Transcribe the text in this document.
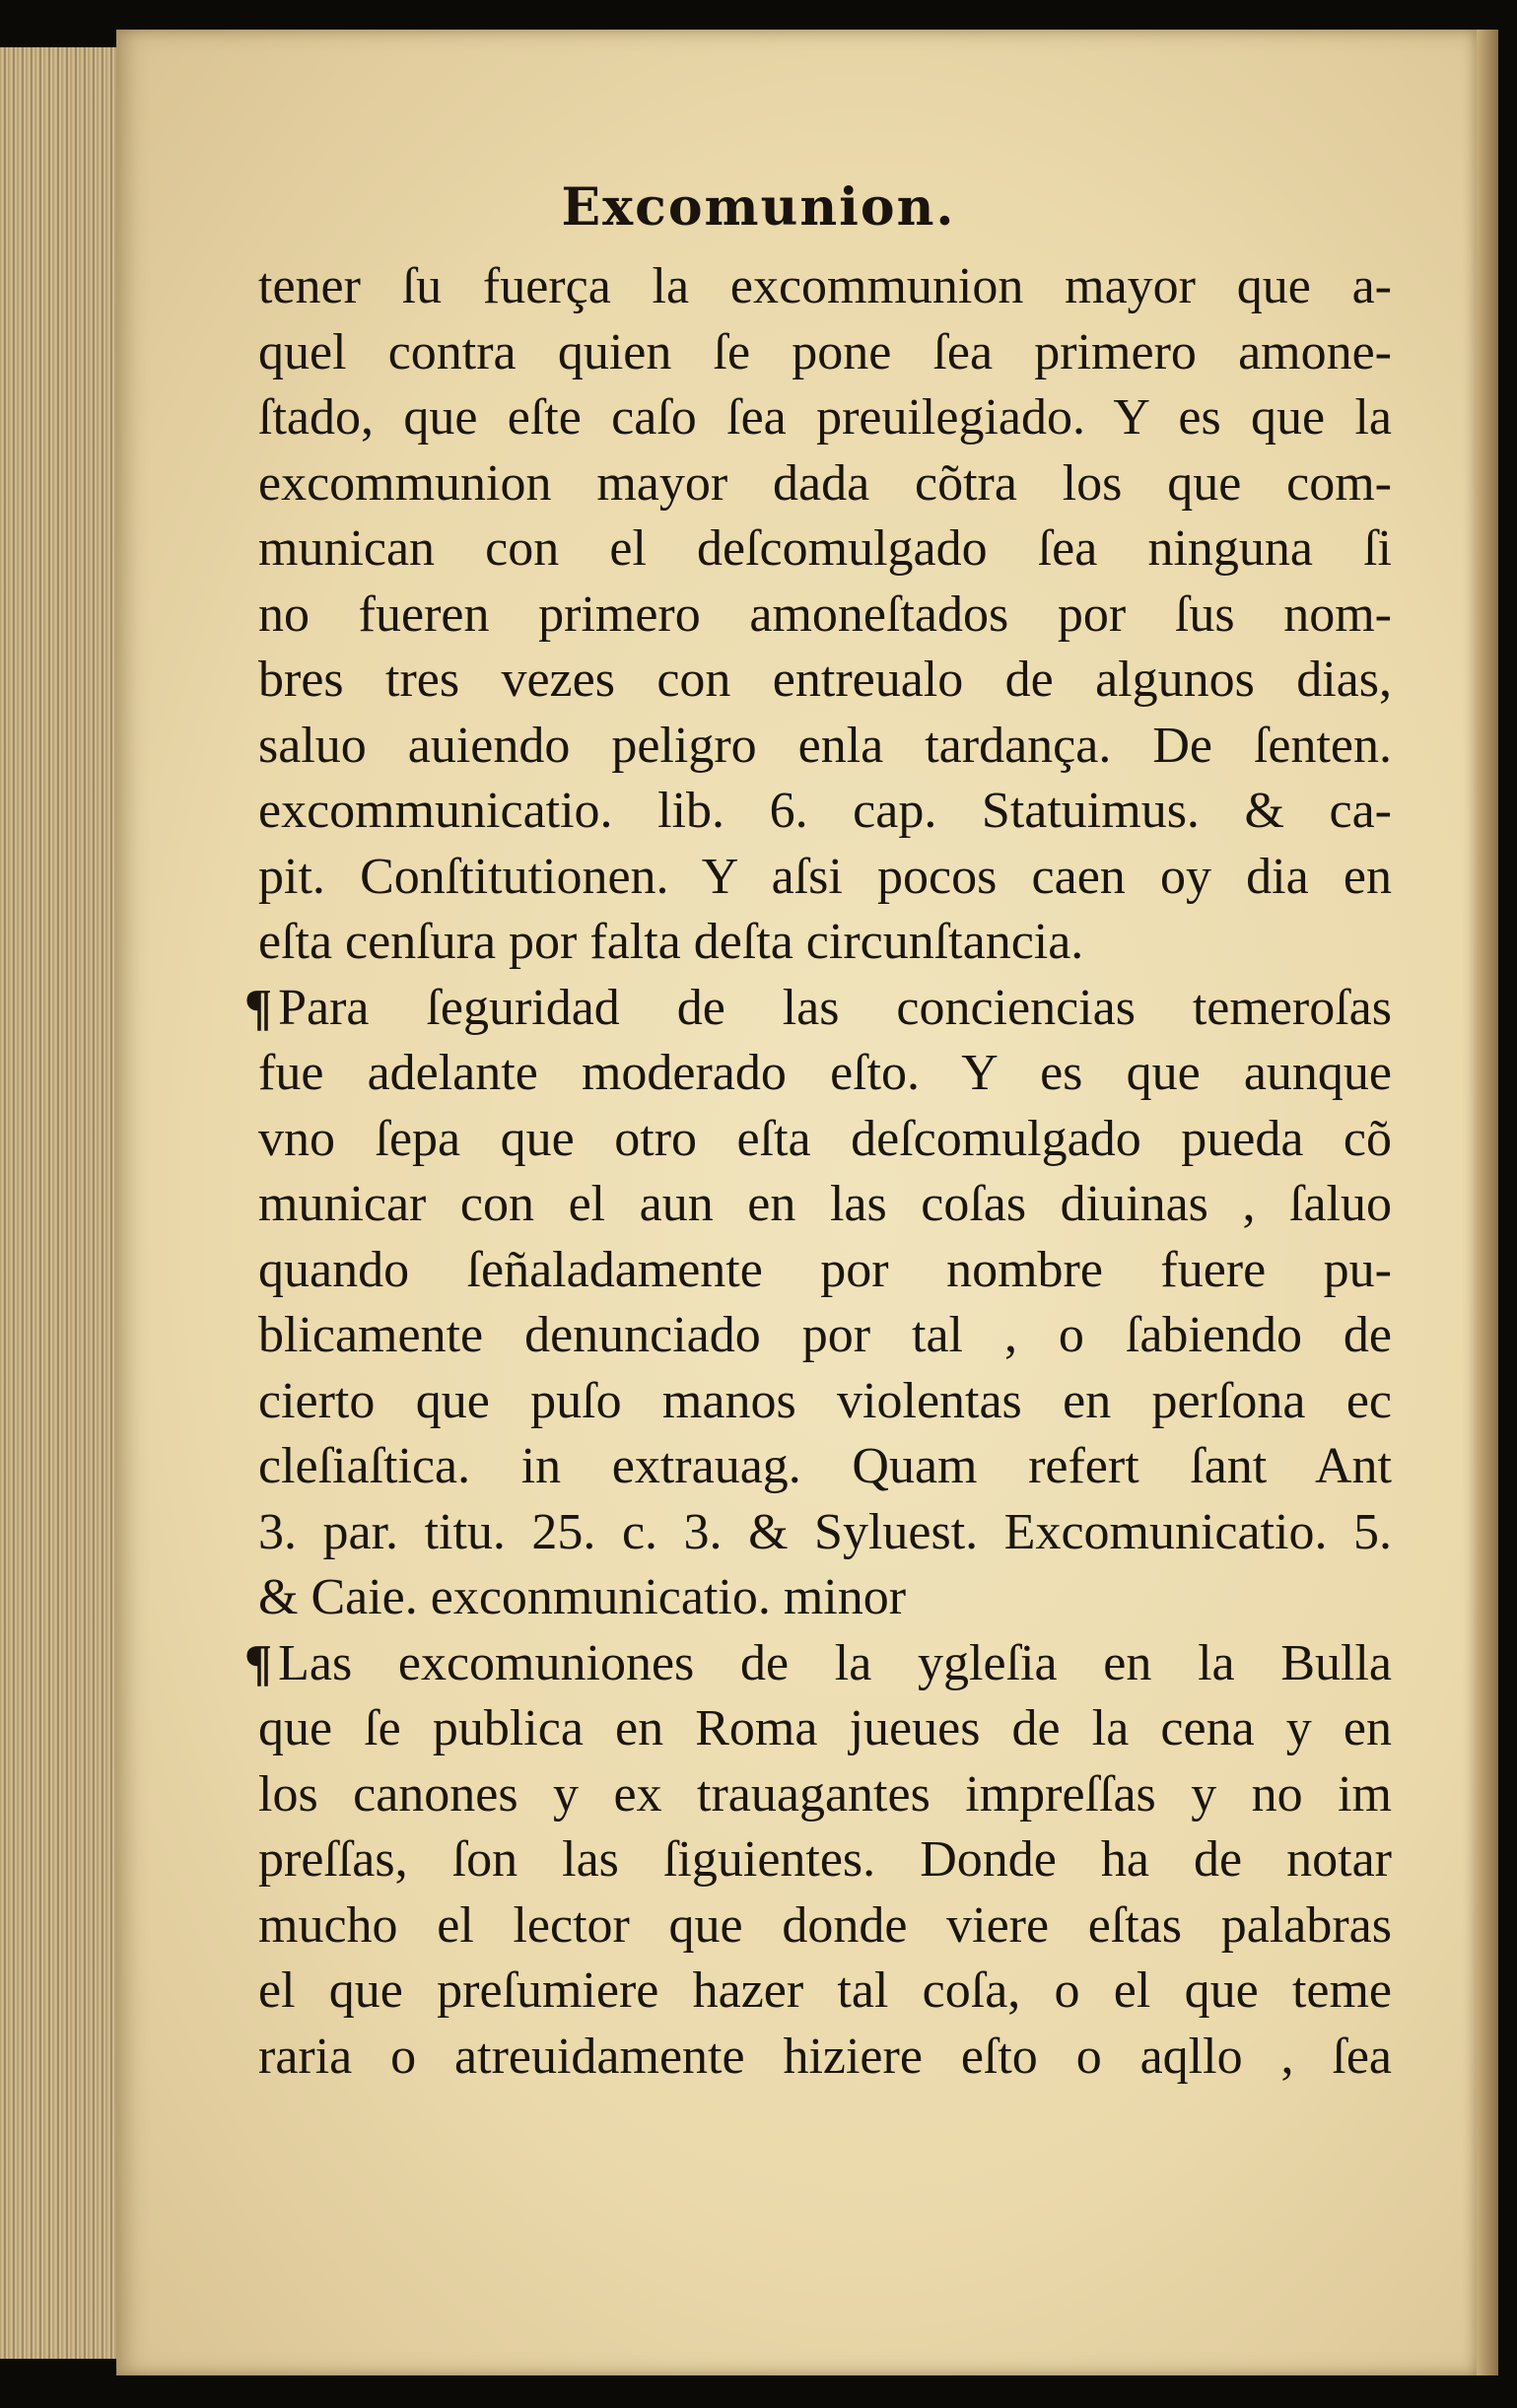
Excomunion.
tener ſu fuerça la excommunion mayor que a-
quel contra quien ſe pone ſea primero amone-
ſtado, que eſte caſo ſea preuilegiado. Y es que la
excommunion mayor dada cõtra los que com-
munican con el deſcomulgado ſea ninguna ſi
no fueren primero amoneſtados por ſus nom-
bres tres vezes con entreualo de algunos dias,
saluo auiendo peligro enla tardança. De ſenten.
excommunicatio. lib. 6. cap. Statuimus. & ca-
pit. Conſtitutionen. Y aſsi pocos caen oy dia en
eſta cenſura por falta deſta circunſtancia.
¶ Para ſeguridad de las conciencias temeroſas
fue adelante moderado eſto. Y es que aunque
vno ſepa que otro eſta deſcomulgado pueda cõ
municar con el aun en las coſas diuinas , ſaluo
quando ſeñaladamente por nombre fuere pu-
blicamente denunciado por tal , o ſabiendo de
cierto que puſo manos violentas en perſona ec
cleſiaſtica. in extrauag. Quam refert ſant Ant
3. par. titu. 25. c. 3. & Syluest. Excomunicatio. 5.
& Caie. exconmunicatio. minor
¶ Las excomuniones de la ygleſia en la Bulla
que ſe publica en Roma jueues de la cena y en
los canones y ex trauagantes impreſſas y no im
preſſas, ſon las ſiguientes. Donde ha de notar
mucho el lector que donde viere eſtas palabras
el que preſumiere hazer tal coſa, o el que teme
raria o atreuidamente hiziere eſto o aqllo , ſea
